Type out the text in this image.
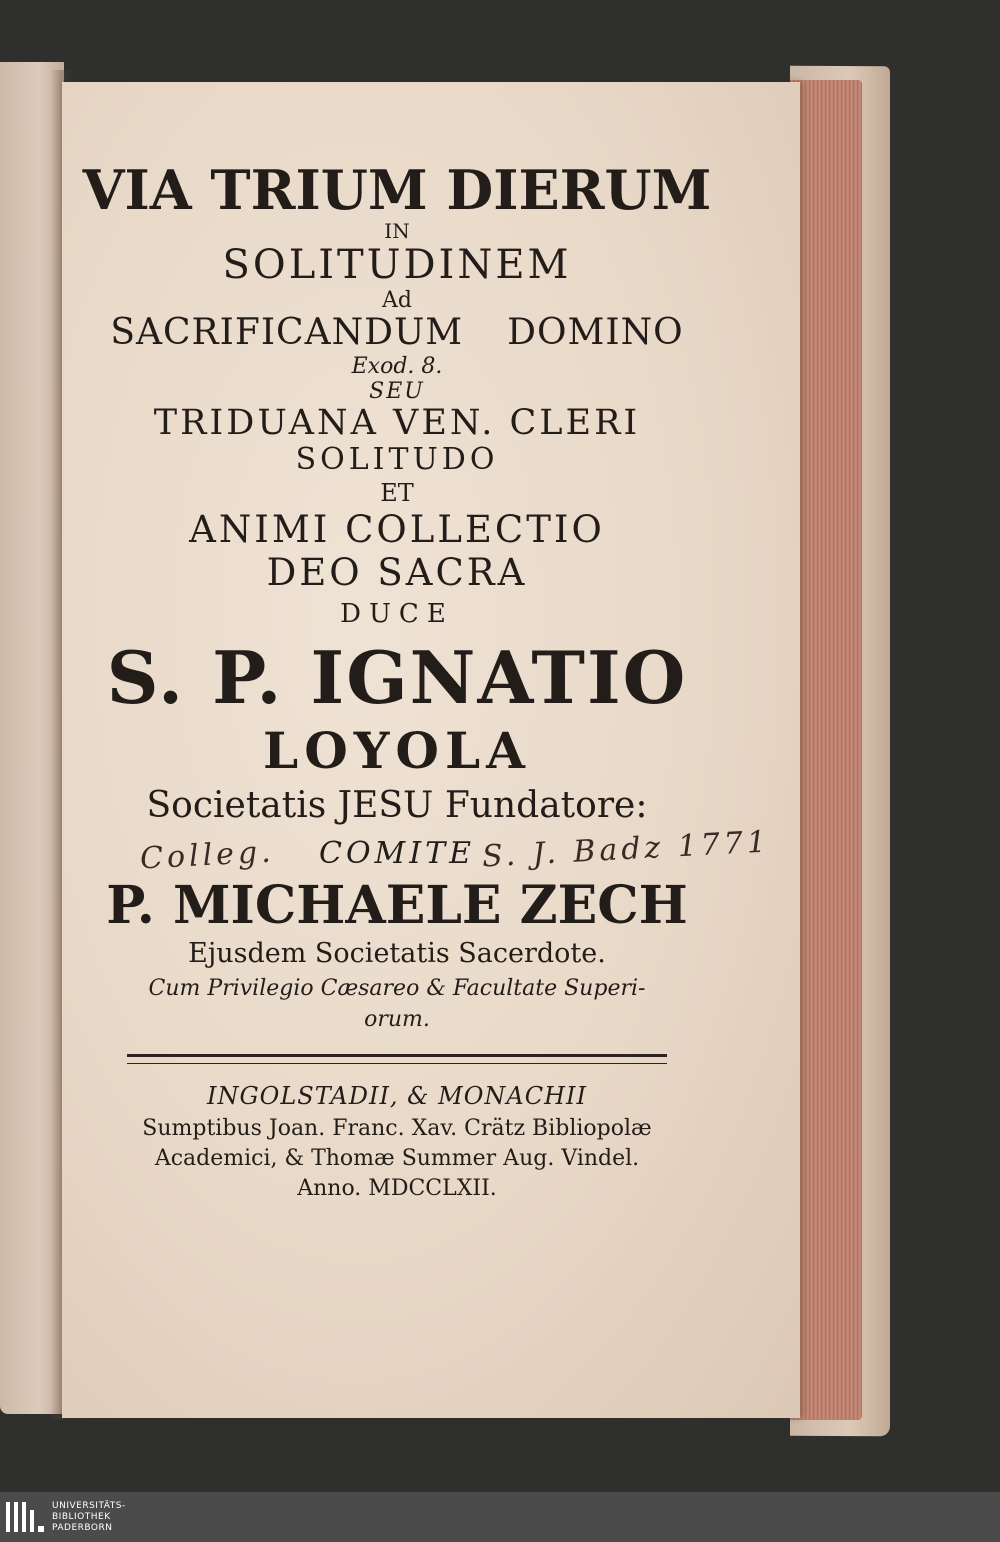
VIA TRIUM DIERUM
IN
SOLITUDINEM
Ad
SACRIFICANDUM DOMINO
Exod. 8.
SEU
TRIDUANA VEN. CLERI
SOLITUDO
ET
ANIMI COLLECTIO
DEO SACRA
DUCE
S. P. IGNATIO
LOYOLA
Societatis JESU Fundatore:
Colleg. COMITE S. J. Badz 1771
P. MICHAELE ZECH
Ejusdem Societatis Sacerdote.
Cum Privilegio Cæsareo & Facultate Superi-
orum.
INGOLSTADII, & MONACHII
Sumptibus Joan. Franc. Xav. Crätz Bibliopolæ
Academici, & Thomæ Summer Aug. Vindel.
Anno. MDCCLXII.
UNIVERSITÄTS-
BIBLIOTHEK
PADERBORN
